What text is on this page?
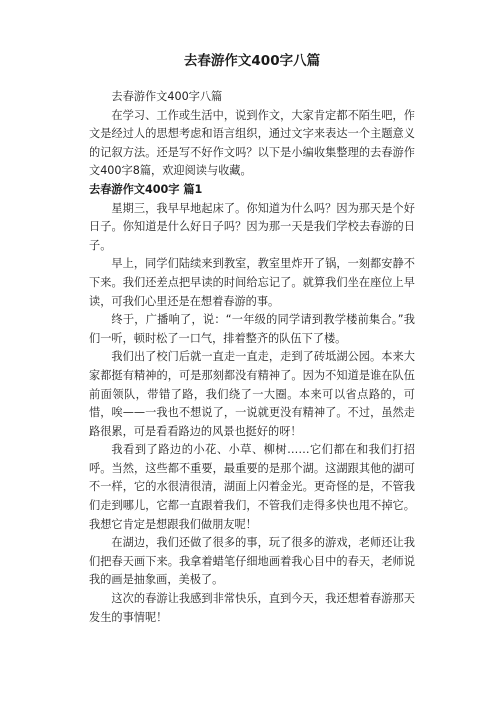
去春游作文400字八篇

去春游作文400字八篇

在学习、工作或生活中，说到作文，大家肯定都不陌生吧，作文是经过人的思想考虑和语言组织，通过文字来表达一个主题意义的记叙方法。还是写不好作文吗？以下是小编收集整理的去春游作文400字8篇，欢迎阅读与收藏。

去春游作文400字 篇1

星期三，我早早地起床了。你知道为什么吗？因为那天是个好日子。你知道是什么好日子吗？因为那一天是我们学校去春游的日子。

早上，同学们陆续来到教室，教室里炸开了锅，一刻都安静不下来。我们还差点把早读的时间给忘记了。就算我们坐在座位上早读，可我们心里还是在想着春游的事。

终于，广播响了，说：“一年级的同学请到教学楼前集合。”我们一听，顿时松了一口气，排着整齐的队伍下了楼。

我们出了校门后就一直走一直走，走到了砖坻湖公园。本来大家都挺有精神的，可是那刻都没有精神了。因为不知道是谁在队伍前面领队，带错了路，我们绕了一大圈。本来可以省点路的，可惜，唉——一我也不想说了，一说就更没有精神了。不过，虽然走路很累，可是看看路边的风景也挺好的呀！

我看到了路边的小花、小草、柳树……它们都在和我们打招呼。当然，这些都不重要，最重要的是那个湖。这湖跟其他的湖可不一样，它的水很清很清，湖面上闪着金光。更奇怪的是，不管我们走到哪儿，它都一直跟着我们，不管我们走得多快也甩不掉它。我想它肯定是想跟我们做朋友呢！

在湖边，我们还做了很多的事，玩了很多的游戏，老师还让我们把春天画下来。我拿着蜡笔仔细地画着我心目中的春天，老师说我的画是抽象画，美极了。

这次的春游让我感到非常快乐，直到今天，我还想着春游那天发生的事情呢！
